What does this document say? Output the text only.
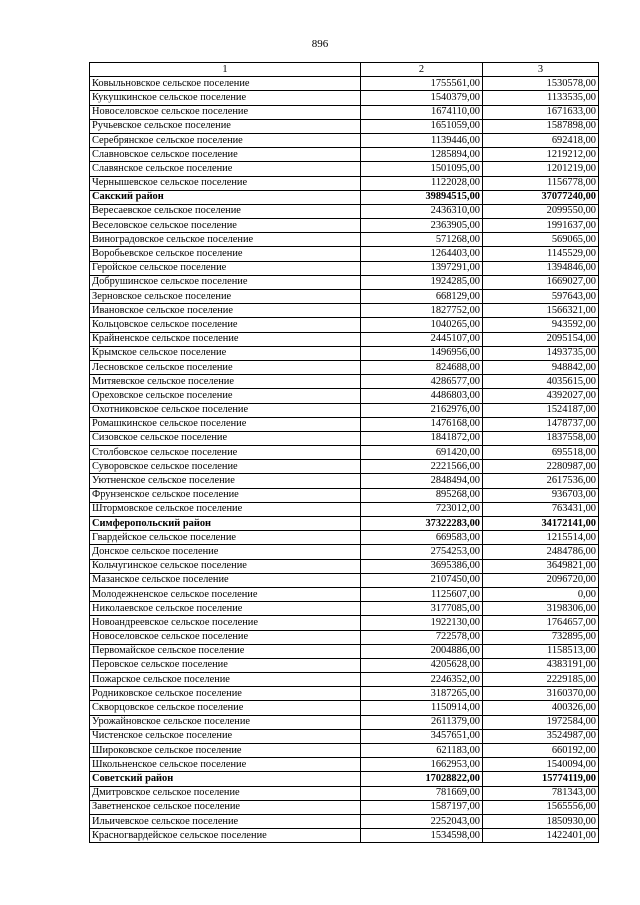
896
1	2	3
Ковыльновское сельское поселение	1755561,00	1530578,00
Кукушкинское сельское поселение	1540379,00	1133535,00
Новоселовское сельское поселение	1674110,00	1671633,00
Ручьевское сельское поселение	1651059,00	1587898,00
Серебрянское сельское поселение	1139446,00	692418,00
Славновское сельское поселение	1285894,00	1219212,00
Славянское сельское поселение	1501095,00	1201219,00
Чернышевское сельское поселение	1122028,00	1156778,00
Сакский район	39894515,00	37077240,00
Вересаевское сельское поселение	2436310,00	2099550,00
Веселовское сельское поселение	2363905,00	1991637,00
Виноградовское сельское поселение	571268,00	569065,00
Воробьевское сельское поселение	1264403,00	1145529,00
Геройское сельское поселение	1397291,00	1394846,00
Добрушинское сельское поселение	1924285,00	1669027,00
Зерновское сельское поселение	668129,00	597643,00
Ивановское сельское поселение	1827752,00	1566321,00
Кольцовское сельское поселение	1040265,00	943592,00
Крайненское сельское поселение	2445107,00	2095154,00
Крымское сельское поселение	1496956,00	1493735,00
Лесновское сельское поселение	824688,00	948842,00
Митяевское сельское поселение	4286577,00	4035615,00
Ореховское сельское поселение	4486803,00	4392027,00
Охотниковское сельское поселение	2162976,00	1524187,00
Ромашкинское сельское поселение	1476168,00	1478737,00
Сизовское сельское поселение	1841872,00	1837558,00
Столбовское сельское поселение	691420,00	695518,00
Суворовское сельское поселение	2221566,00	2280987,00
Уютненское сельское поселение	2848494,00	2617536,00
Фрунзенское сельское поселение	895268,00	936703,00
Штормовское сельское поселение	723012,00	763431,00
Симферопольский район	37322283,00	34172141,00
Гвардейское сельское поселение	669583,00	1215514,00
Донское сельское поселение	2754253,00	2484786,00
Кольчугинское сельское поселение	3695386,00	3649821,00
Мазанское сельское поселение	2107450,00	2096720,00
Молодежненское сельское поселение	1125607,00	0,00
Николаевское сельское поселение	3177085,00	3198306,00
Новоандреевское сельское поселение	1922130,00	1764657,00
Новоселовское сельское поселение	722578,00	732895,00
Первомайское сельское поселение	2004886,00	1158513,00
Перовское сельское поселение	4205628,00	4383191,00
Пожарское сельское поселение	2246352,00	2229185,00
Родниковское сельское поселение	3187265,00	3160370,00
Скворцовское сельское поселение	1150914,00	400326,00
Урожайновское сельское поселение	2611379,00	1972584,00
Чистенское сельское поселение	3457651,00	3524987,00
Широковское сельское поселение	621183,00	660192,00
Школьненское сельское поселение	1662953,00	1540094,00
Советский район	17028822,00	15774119,00
Дмитровское сельское поселение	781669,00	781343,00
Заветненское сельское поселение	1587197,00	1565556,00
Ильичевское сельское поселение	2252043,00	1850930,00
Красногвардейское сельское поселение	1534598,00	1422401,00
